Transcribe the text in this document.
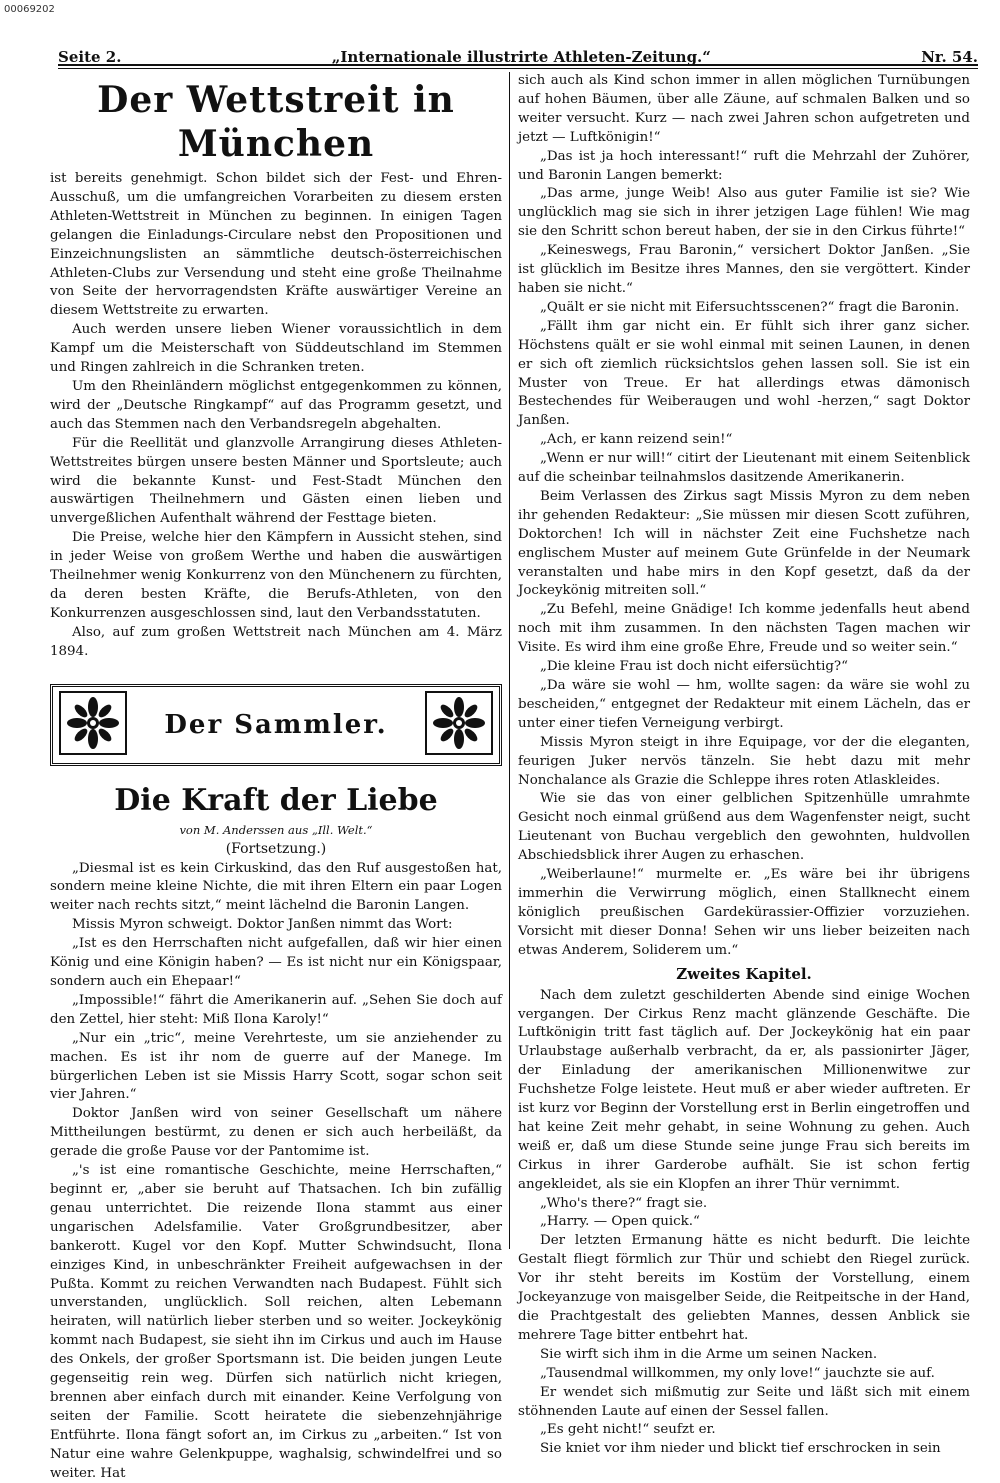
00069202
Seite 2.	„Internationale illustrirte Athleten-Zeitung.“	Nr. 54.
Der Wettstreit in München

ist bereits genehmigt. Schon bildet sich der Fest- und Ehren-Ausschuß, um die umfangreichen Vorarbeiten zu diesem ersten Athleten-Wettstreit in München zu beginnen. In einigen Tagen gelangen die Einladungs-Circulare nebst den Propositionen und Einzeichnungslisten an sämmtliche deutsch-österreichischen Athleten-Clubs zur Versendung und steht eine große Theilnahme von Seite der hervorragendsten Kräfte auswärtiger Vereine an diesem Wettstreite zu erwarten.

Auch werden unsere lieben Wiener voraussichtlich in dem Kampf um die Meisterschaft von Süddeutschland im Stemmen und Ringen zahlreich in die Schranken treten.

Um den Rheinländern möglichst entgegenkommen zu können, wird der „Deutsche Ringkampf“ auf das Programm gesetzt, und auch das Stemmen nach den Verbandsregeln abgehalten.

Für die Reellität und glanzvolle Arrangirung dieses Athleten-Wettstreites bürgen unsere besten Männer und Sportsleute; auch wird die bekannte Kunst- und Fest-Stadt München den auswärtigen Theilnehmern und Gästen einen lieben und unvergeßlichen Aufenthalt während der Festtage bieten.

Die Preise, welche hier den Kämpfern in Aussicht stehen, sind in jeder Weise von großem Werthe und haben die auswärtigen Theilnehmer wenig Konkurrenz von den Münchenern zu fürchten, da deren besten Kräfte, die Berufs-Athleten, von den Konkurrenzen ausgeschlossen sind, laut den Verbandsstatuten.

Also, auf zum großen Wettstreit nach München am 4. März 1894.

Der Sammler.
Die Kraft der Liebe
von M. Anderssen aus „Ill. Welt.“
(Fortsetzung.)

„Diesmal ist es kein Cirkuskind, das den Ruf ausgestoßen hat, sondern meine kleine Nichte, die mit ihren Eltern ein paar Logen weiter nach rechts sitzt,“ meint lächelnd die Baronin Langen.

Missis Myron schweigt. Doktor Janßen nimmt das Wort:

„Ist es den Herrschaften nicht aufgefallen, daß wir hier einen König und eine Königin haben? — Es ist nicht nur ein Königspaar, sondern auch ein Ehepaar!“

„Impossible!“ fährt die Amerikanerin auf. „Sehen Sie doch auf den Zettel, hier steht: Miß Ilona Karoly!“

„Nur ein „tric“, meine Verehrteste, um sie anziehender zu machen. Es ist ihr nom de guerre auf der Manege. Im bürgerlichen Leben ist sie Missis Harry Scott, sogar schon seit vier Jahren.“

Doktor Janßen wird von seiner Gesellschaft um nähere Mittheilungen bestürmt, zu denen er sich auch herbeiläßt, da gerade die große Pause vor der Pantomime ist.

„'s ist eine romantische Geschichte, meine Herrschaften,“ beginnt er, „aber sie beruht auf Thatsachen. Ich bin zufällig genau unterrichtet. Die reizende Ilona stammt aus einer ungarischen Adelsfamilie. Vater Großgrundbesitzer, aber bankerott. Kugel vor den Kopf. Mutter Schwindsucht, Ilona einziges Kind, in unbeschränkter Freiheit aufgewachsen in der Pußta. Kommt zu reichen Verwandten nach Budapest. Fühlt sich unverstanden, unglücklich. Soll reichen, alten Lebemann heiraten, will natürlich lieber sterben und so weiter. Jockeykönig kommt nach Budapest, sie sieht ihn im Cirkus und auch im Hause des Onkels, der großer Sportsmann ist. Die beiden jungen Leute gegenseitig rein weg. Dürfen sich natürlich nicht kriegen, brennen aber einfach durch mit einander. Keine Verfolgung von seiten der Familie. Scott heiratete die siebenzehnjährige Entführte. Ilona fängt sofort an, im Cirkus zu „arbeiten.“ Ist von Natur eine wahre Gelenkpuppe, waghalsig, schwindelfrei und so weiter. Hat

sich auch als Kind schon immer in allen möglichen Turnübungen auf hohen Bäumen, über alle Zäune, auf schmalen Balken und so weiter versucht. Kurz — nach zwei Jahren schon aufgetreten und jetzt — Luftkönigin!“

„Das ist ja hoch interessant!“ ruft die Mehrzahl der Zuhörer, und Baronin Langen bemerkt:

„Das arme, junge Weib! Also aus guter Familie ist sie? Wie unglücklich mag sie sich in ihrer jetzigen Lage fühlen! Wie mag sie den Schritt schon bereut haben, der sie in den Cirkus führte!“

„Keineswegs, Frau Baronin,“ versichert Doktor Janßen. „Sie ist glücklich im Besitze ihres Mannes, den sie vergöttert. Kinder haben sie nicht.“

„Quält er sie nicht mit Eifersuchtsscenen?“ fragt die Baronin.

„Fällt ihm gar nicht ein. Er fühlt sich ihrer ganz sicher. Höchstens quält er sie wohl einmal mit seinen Launen, in denen er sich oft ziemlich rücksichtslos gehen lassen soll. Sie ist ein Muster von Treue. Er hat allerdings etwas dämonisch Bestechendes für Weiberaugen und wohl -herzen,“ sagt Doktor Janßen.

„Ach, er kann reizend sein!“

„Wenn er nur will!“ citirt der Lieutenant mit einem Seitenblick auf die scheinbar teilnahmslos dasitzende Amerikanerin.

Beim Verlassen des Zirkus sagt Missis Myron zu dem neben ihr gehenden Redakteur: „Sie müssen mir diesen Scott zuführen, Doktorchen! Ich will in nächster Zeit eine Fuchshetze nach englischem Muster auf meinem Gute Grünfelde in der Neumark veranstalten und habe mirs in den Kopf gesetzt, daß da der Jockeykönig mitreiten soll.“

„Zu Befehl, meine Gnädige! Ich komme jedenfalls heut abend noch mit ihm zusammen. In den nächsten Tagen machen wir Visite. Es wird ihm eine große Ehre, Freude und so weiter sein.“

„Die kleine Frau ist doch nicht eifersüchtig?“

„Da wäre sie wohl — hm, wollte sagen: da wäre sie wohl zu bescheiden,“ entgegnet der Redakteur mit einem Lächeln, das er unter einer tiefen Verneigung verbirgt.

Missis Myron steigt in ihre Equipage, vor der die eleganten, feurigen Juker nervös tänzeln. Sie hebt dazu mit mehr Nonchalance als Grazie die Schleppe ihres roten Atlaskleides.

Wie sie das von einer gelblichen Spitzenhülle umrahmte Gesicht noch einmal grüßend aus dem Wagenfenster neigt, sucht Lieutenant von Buchau vergeblich den gewohnten, huldvollen Abschiedsblick ihrer Augen zu erhaschen.

„Weiberlaune!“ murmelte er. „Es wäre bei ihr übrigens immerhin die Verwirrung möglich, einen Stallknecht einem königlich preußischen Gardekürassier-Offizier vorzuziehen. Vorsicht mit dieser Donna! Sehen wir uns lieber beizeiten nach etwas Anderem, Soliderem um.“

Zweites Kapitel.

Nach dem zuletzt geschilderten Abende sind einige Wochen vergangen. Der Cirkus Renz macht glänzende Geschäfte. Die Luftkönigin tritt fast täglich auf. Der Jockeykönig hat ein paar Urlaubstage außerhalb verbracht, da er, als passionirter Jäger, der Einladung der amerikanischen Millionenwitwe zur Fuchshetze Folge leistete. Heut muß er aber wieder auftreten. Er ist kurz vor Beginn der Vorstellung erst in Berlin eingetroffen und hat keine Zeit mehr gehabt, in seine Wohnung zu gehen. Auch weiß er, daß um diese Stunde seine junge Frau sich bereits im Cirkus in ihrer Garderobe aufhält. Sie ist schon fertig angekleidet, als sie ein Klopfen an ihrer Thür vernimmt.

„Who's there?“ fragt sie.

„Harry. — Open quick.“

Der letzten Ermanung hätte es nicht bedurft. Die leichte Gestalt fliegt förmlich zur Thür und schiebt den Riegel zurück. Vor ihr steht bereits im Kostüm der Vorstellung, einem Jockeyanzuge von maisgelber Seide, die Reitpeitsche in der Hand, die Prachtgestalt des geliebten Mannes, dessen Anblick sie mehrere Tage bitter entbehrt hat.

Sie wirft sich ihm in die Arme um seinen Nacken.

„Tausendmal willkommen, my only love!“ jauchzte sie auf.

Er wendet sich mißmutig zur Seite und läßt sich mit einem stöhnenden Laute auf einen der Sessel fallen.

„Es geht nicht!“ seufzt er.

Sie kniet vor ihm nieder und blickt tief erschrocken in sein
